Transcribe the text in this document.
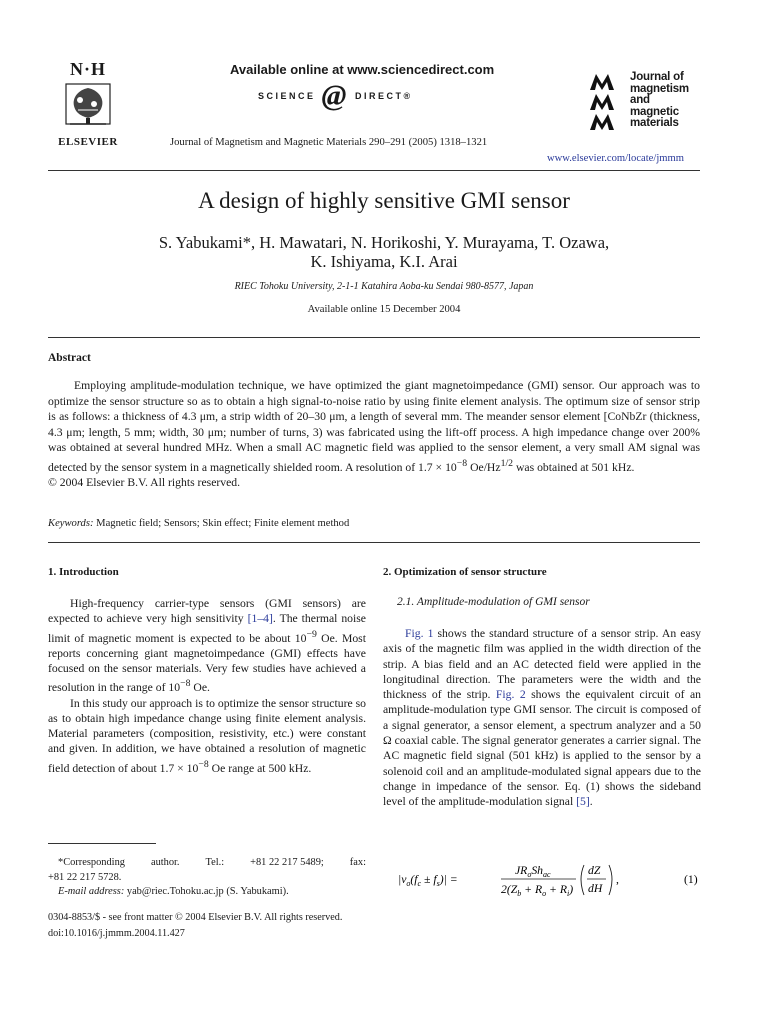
N·H
ELSEVIER
Available online at www.sciencedirect.com
SCIENCE @ DIRECT®
Journal of Magnetism and Magnetic Materials 290–291 (2005) 1318–1321
Journal of
magnetism
and
magnetic
materials
www.elsevier.com/locate/jmmm
A design of highly sensitive GMI sensor
S. Yabukami*, H. Mawatari, N. Horikoshi, Y. Murayama, T. Ozawa,
K. Ishiyama, K.I. Arai
RIEC Tohoku University, 2-1-1 Katahira Aoba-ku Sendai 980-8577, Japan
Available online 15 December 2004
Abstract

Employing amplitude-modulation technique, we have optimized the giant magnetoimpedance (GMI) sensor. Our approach was to optimize the sensor structure so as to obtain a high signal-to-noise ratio by using finite element analysis. The optimum size of sensor strip is as follows: a thickness of 4.3 μm, a strip width of 20–30 μm, a length of several mm. The meander sensor element [CoNbZr (thickness, 4.3 μm; length, 5 mm; width, 30 μm; number of turns, 3) was fabricated using the lift-off process. A high impedance change over 200% was obtained at several hundred MHz. When a small AC magnetic field was applied to the sensor element, a very small AM signal was detected by the sensor system in a magnetically shielded room. A resolution of $1.7 \times 10^{-8}$ $Oe/Hz^{1/2}$ was obtained at 501 kHz.

© 2004 Elsevier B.V. All rights reserved.

Keywords: Magnetic field; Sensors; Skin effect; Finite element method
1. Introduction

High-frequency carrier-type sensors (GMI sensors) are expected to achieve very high sensitivity [1–4]. The thermal noise limit of magnetic moment is expected to be about $10^{-9}$ Oe. Most reports concerning giant magnetoimpedance (GMI) effects have focused on the sensor materials. Very few studies have achieved a resolution in the range of $10^{-8}$ Oe.

In this study our approach is to optimize the sensor structure so as to obtain high impedance change using finite element analysis. Material parameters (composition, resistivity, etc.) were constant and given. In addition, we have obtained a resolution of magnetic field detection of about $1.7 \times 10^{-8}$ Oe range at 500 kHz.

*Corresponding author. Tel.: +81 22 217 5489; fax:

+81 22 217 5728.

E-mail address: yab@riec.Tohoku.ac.jp (S. Yabukami).

2. Optimization of sensor structure
2.1. Amplitude-modulation of GMI sensor

Fig. 1 shows the standard structure of a sensor strip. An easy axis of the magnetic film was applied in the width direction of the strip. A bias field and an AC detected field were applied in the longitudinal direction. The parameters were the width and the thickness of the strip. Fig. 2 shows the equivalent circuit of an amplitude-modulation type GMI sensor. The circuit is composed of a signal generator, a sensor element, a spectrum analyzer and a 50 Ω coaxial cable. The signal generator generates a carrier signal. The AC magnetic field signal (501 kHz) is applied to the sensor by a solenoid coil and an amplitude-modulated signal appears due to the change in impedance of the sensor. Eq. (1) shows the sideband level of the amplitude-modulation signal [5].

$|v_o(f_c \pm f_s)|$ =
$JR_oSh_{ac}$
$2(Z_b + R_o + R_i)$
dZ
dH
,	(1)
0304-8853/$ - see front matter © 2004 Elsevier B.V. All rights reserved.
doi:10.1016/j.jmmm.2004.11.427
